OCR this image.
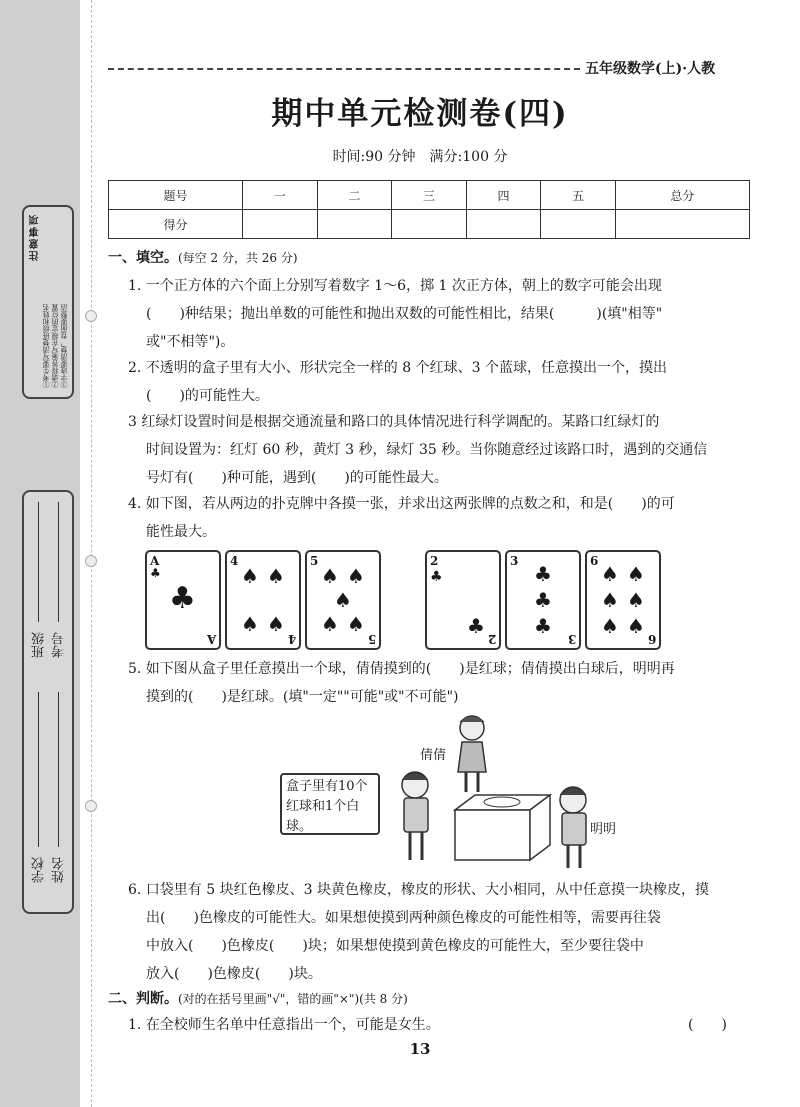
注意事项
①考生要写清楚班级和姓名 ②请将答案写在规定的位置 ③字迹要清楚，卷面要整洁
班级 考号
学校 姓名
五年级数学(上)·人教
期中单元检测卷(四)
时间:90 分钟　满分:100 分
题号	一	二	三	四	五	总分
得分						
一、填空。(每空 2 分，共 26 分)

1. 一个正方体的六个面上分别写着数字 1～6，掷 1 次正方体，朝上的数字可能会出现

(　　)种结果；抛出单数的可能性和抛出双数的可能性相比，结果(　　　)(填"相等"

或"不相等")。

2. 不透明的盒子里有大小、形状完全一样的 8 个红球、3 个蓝球，任意摸出一个，摸出

(　　)的可能性大。

3 红绿灯设置时间是根据交通流量和路口的具体情况进行科学调配的。某路口红绿灯的

时间设置为：红灯 60 秒，黄灯 3 秒，绿灯 35 秒。当你随意经过该路口时，遇到的交通信

号灯有(　　)种可能，遇到(　　)的可能性最大。

4. 如下图，若从两边的扑克牌中各摸一张，并求出这两张牌的点数之和，和是(　　)的可

能性最大。

A
♣
♣
A
4
♠ ♠
♠ ♠
4
5
♠ ♠
♠
♠ ♠
5
2
♣
♣
2
3
♣
♣
♣
3
6
♠ ♠
♠ ♠
♠ ♠
6

5. 如下图从盒子里任意摸出一个球，倩倩摸到的(　　)是红球；倩倩摸出白球后，明明再

摸到的(　　)是红球。(填"一定""可能"或"不可能")

倩倩
明明
盒子里有10个红球和1个白球。

6. 口袋里有 5 块红色橡皮、3 块黄色橡皮，橡皮的形状、大小相同，从中任意摸一块橡皮，摸

出(　　)色橡皮的可能性大。如果想使摸到两种颜色橡皮的可能性相等，需要再往袋

中放入(　　)色橡皮(　　)块；如果想使摸到黄色橡皮的可能性大，至少要往袋中

放入(　　)色橡皮(　　)块。

二、判断。(对的在括号里画"√"，错的画"×")(共 8 分)
1. 在全校师生名单中任意指出一个，可能是女生。	(　　)
13
